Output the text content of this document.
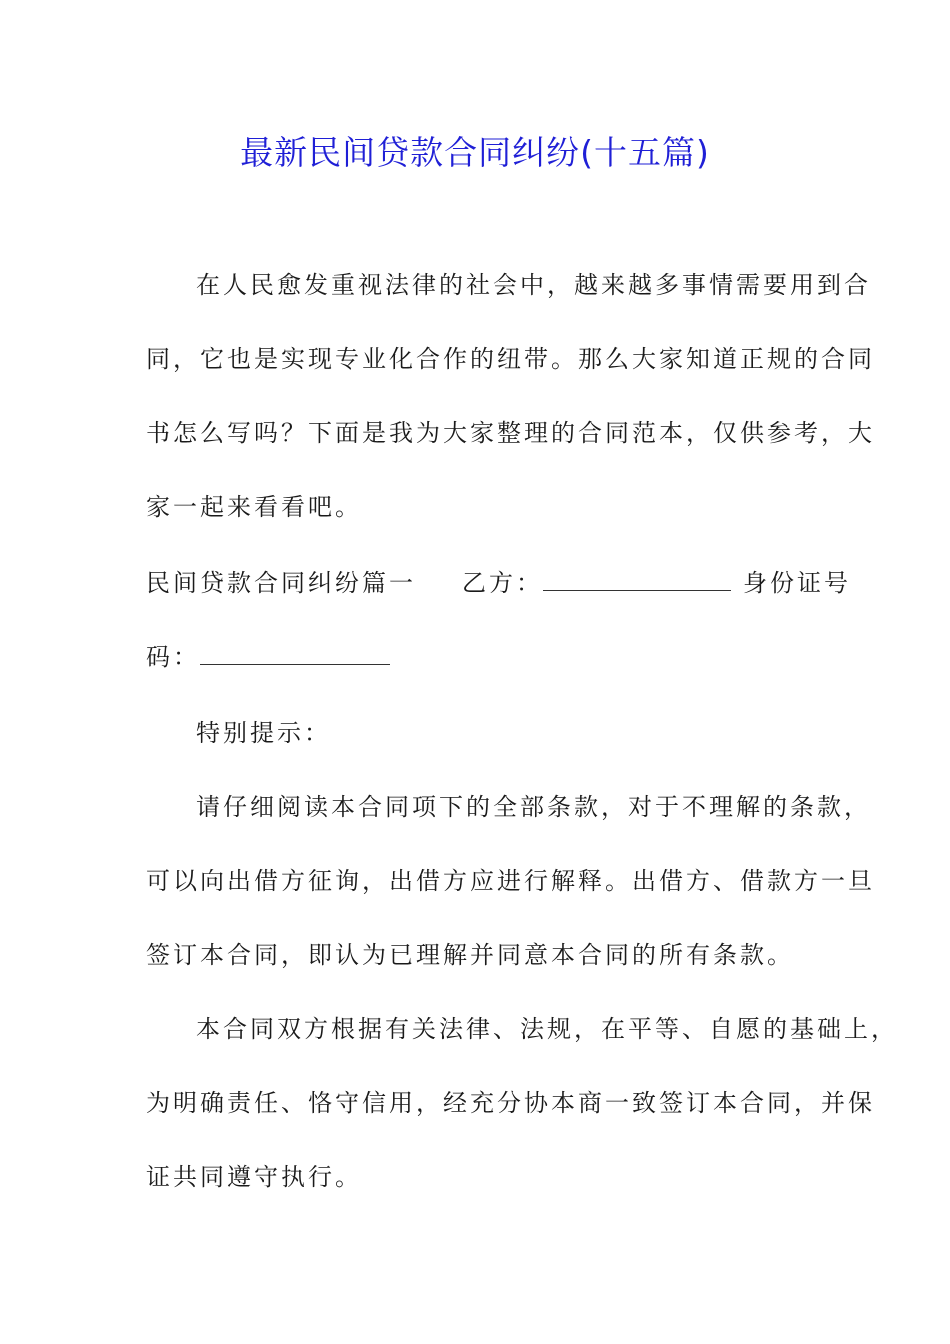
最新民间贷款合同纠纷(十五篇)
在人民愈发重视法律的社会中，越来越多事情需要用到合
同，它也是实现专业化合作的纽带。那么大家知道正规的合同
书怎么写吗？下面是我为大家整理的合同范本，仅供参考，大
家一起来看看吧。
民间贷款合同纠纷篇一 乙方：	身份证号
码：
特别提示：
请仔细阅读本合同项下的全部条款，对于不理解的条款，
可以向出借方征询，出借方应进行解释。出借方、借款方一旦
签订本合同，即认为已理解并同意本合同的所有条款。
本合同双方根据有关法律、法规，在平等、自愿的基础上，
为明确责任、恪守信用，经充分协本商一致签订本合同，并保
证共同遵守执行。
